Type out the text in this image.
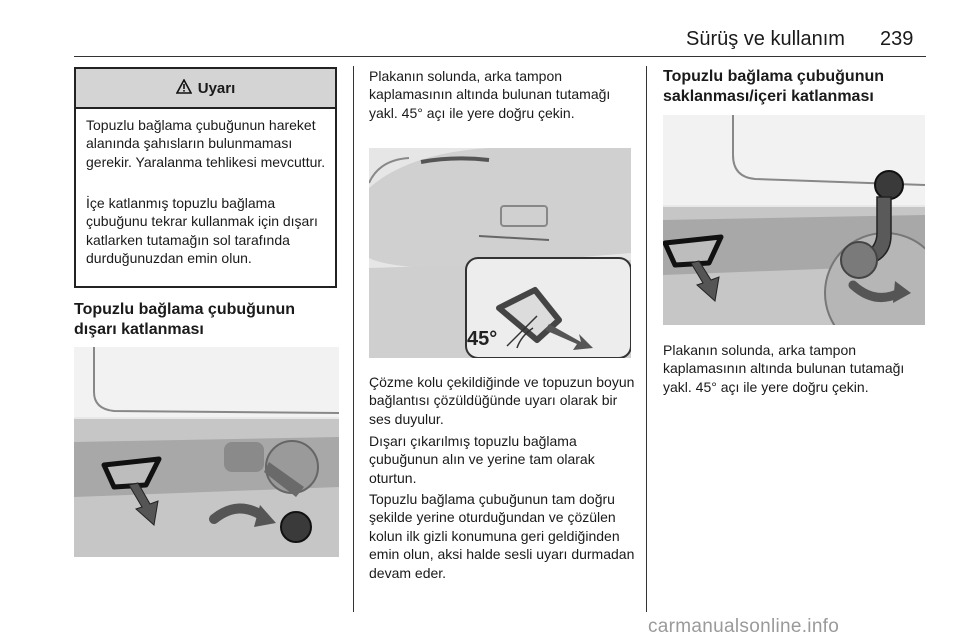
Sürüş ve kullanım 239
Uyarı
Topuzlu bağlama çubuğunun hareket alanında şahısların bulunmaması gerekir. Yaralanma tehlikesi mevcuttur.
İçe katlanmış topuzlu bağlama çubuğunu tekrar kullanmak için dışarı katlarken tutamağın sol tarafında durduğunuzdan emin olun.
Topuzlu bağlama çubuğunun dışarı katlanması
Plakanın solunda, arka tampon kaplamasının altında bulunan tutamağı yakl. 45° açı ile yere doğru çekin.
45°
Çözme kolu çekildiğinde ve topuzun boyun bağlantısı çözüldüğünde uyarı olarak bir ses duyulur.
Dışarı çıkarılmış topuzlu bağlama çubuğunun alın ve yerine tam olarak oturtun.
Topuzlu bağlama çubuğunun tam doğru şekilde yerine oturduğundan ve çözülen kolun ilk gizli konumuna geri geldiğinden emin olun, aksi halde sesli uyarı durmadan devam eder.
Topuzlu bağlama çubuğunun saklanması/içeri katlanması
Plakanın solunda, arka tampon kaplamasının altında bulunan tutamağı yakl. 45° açı ile yere doğru çekin.
carmanualsonline.info
